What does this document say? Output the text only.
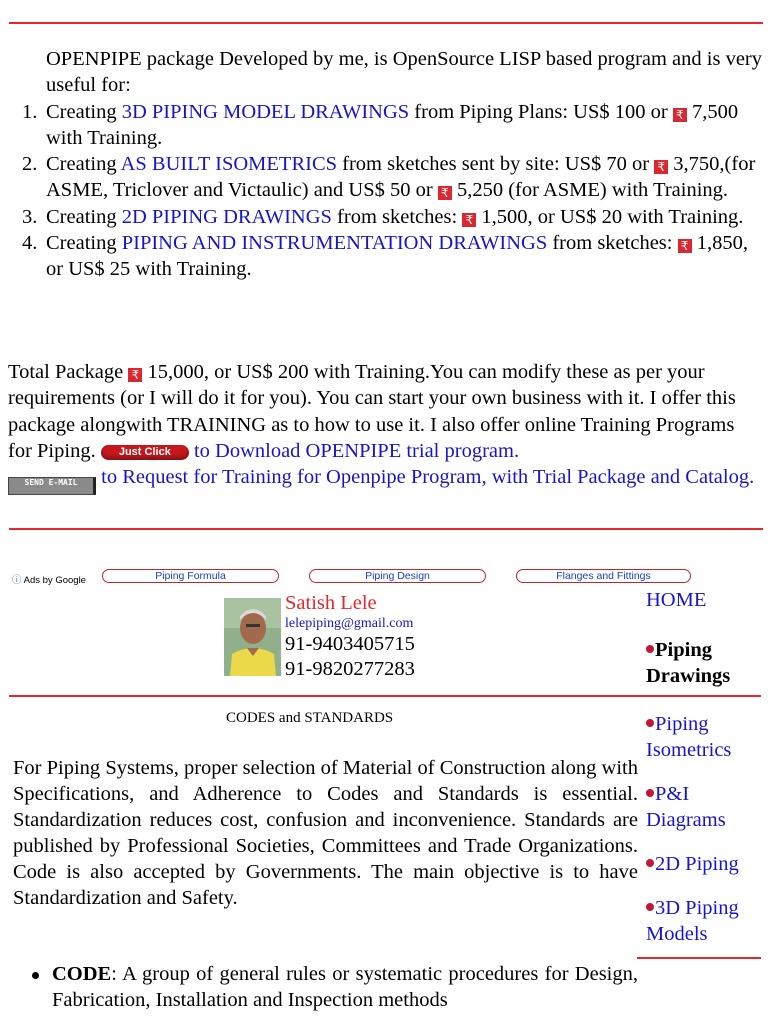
OPENPIPE package Developed by me, is OpenSource LISP based program and is very useful for:
1. Creating 3D PIPING MODEL DRAWINGS from Piping Plans: US$ 100 or ₹ 7,500 with Training.
2. Creating AS BUILT ISOMETRICS from sketches sent by site: US$ 70 or ₹ 3,750,(for ASME, Triclover and Victaulic) and US$ 50 or ₹ 5,250 (for ASME) with Training.
3. Creating 2D PIPING DRAWINGS from sketches: ₹ 1,500, or US$ 20 with Training.
4. Creating PIPING AND INSTRUMENTATION DRAWINGS from sketches: ₹ 1,850, or US$ 25 with Training.
Total Package ₹ 15,000, or US$ 200 with Training.You can modify these as per your requirements (or I will do it for you). You can start your own business with it. I offer this package alongwith TRAINING as to how to use it. I also offer online Training Programs for Piping. Just Click to Download OPENPIPE trial program.
SEND E-MAIL to Request for Training for Openpipe Program, with Trial Package and Catalog.
ⓘ Ads by Google	Piping Formula	Piping Design	Flanges and Fittings
Satish Lele
lelepiping@gmail.com
91-9403405715
91-9820277283
HOME
Piping Drawings
Piping Isometrics
P&I Diagrams
2D Piping
3D Piping Models
CODES and STANDARDS

For Piping Systems, proper selection of Material of Construction along with Specifications, and Adherence to Codes and Standards is essential. Standardization reduces cost, confusion and inconvenience. Standards are published by Professional Societies, Committees and Trade Organizations. Code is also accepted by Governments. The main objective is to have Standardization and Safety.

CODE: A group of general rules or systematic procedures for Design, Fabrication, Installation and Inspection methods
